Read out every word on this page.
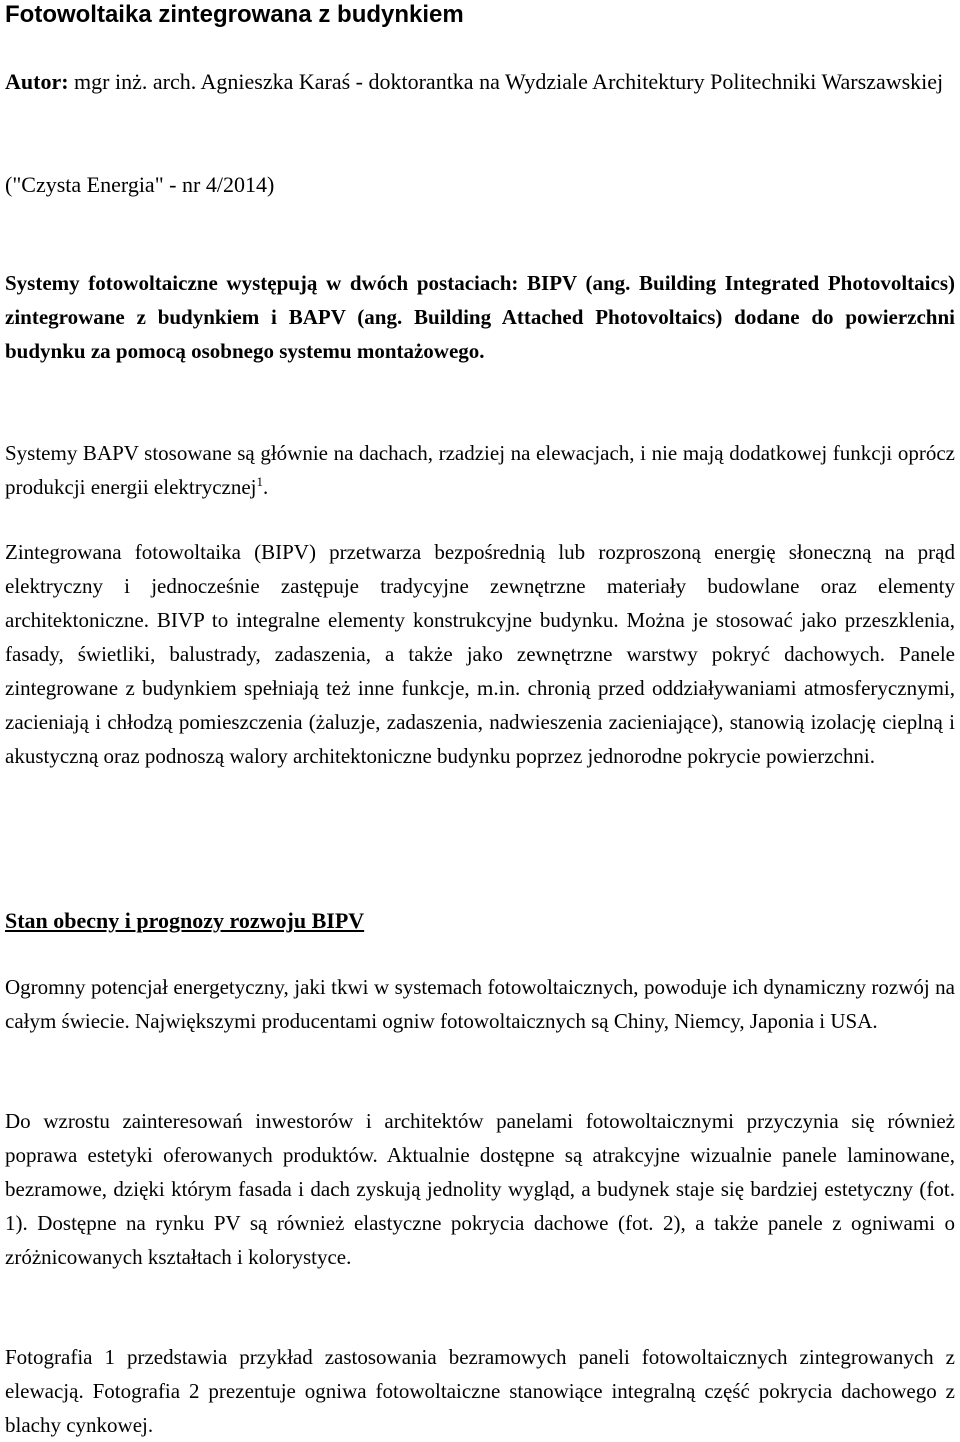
Fotowoltaika zintegrowana z budynkiem

Autor: mgr inż. arch. Agnieszka Karaś - doktorantka na Wydziale Architektury Politechniki Warszawskiej

("Czysta Energia" - nr 4/2014)

Systemy fotowoltaiczne występują w dwóch postaciach: BIPV (ang. Building Integrated Photovoltaics) zintegrowane z budynkiem i BAPV (ang. Building Attached Photovoltaics) dodane do powierzchni budynku za pomocą osobnego systemu montażowego.

Systemy BAPV stosowane są głównie na dachach, rzadziej na elewacjach, i nie mają dodatkowej funkcji oprócz produkcji energii elektrycznej$^1$.

Zintegrowana fotowoltaika (BIPV) przetwarza bezpośrednią lub rozproszoną energię słoneczną na prąd elektryczny i jednocześnie zastępuje tradycyjne zewnętrzne materiały budowlane oraz elementy architektoniczne. BIVP to integralne elementy konstrukcyjne budynku. Można je stosować jako przeszklenia, fasady, świetliki, balustrady, zadaszenia, a także jako zewnętrzne warstwy pokryć dachowych. Panele zintegrowane z budynkiem spełniają też inne funkcje, m.in. chronią przed oddziaływaniami atmosferycznymi, zacieniają i chłodzą pomieszczenia (żaluzje, zadaszenia, nadwieszenia zacieniające), stanowią izolację cieplną i akustyczną oraz podnoszą walory architektoniczne budynku poprzez jednorodne pokrycie powierzchni.

Stan obecny i prognozy rozwoju BIPV

Ogromny potencjał energetyczny, jaki tkwi w systemach fotowoltaicznych, powoduje ich dynamiczny rozwój na całym świecie. Największymi producentami ogniw fotowoltaicznych są Chiny, Niemcy, Japonia i USA.

Do wzrostu zainteresowań inwestorów i architektów panelami fotowoltaicznymi przyczynia się również poprawa estetyki oferowanych produktów. Aktualnie dostępne są atrakcyjne wizualnie panele laminowane, bezramowe, dzięki którym fasada i dach zyskują jednolity wygląd, a budynek staje się bardziej estetyczny (fot. 1). Dostępne na rynku PV są również elastyczne pokrycia dachowe (fot. 2), a także panele z ogniwami o zróżnicowanych kształtach i kolorystyce.

Fotografia 1 przedstawia przykład zastosowania bezramowych paneli fotowoltaicznych zintegrowanych z elewacją. Fotografia 2 prezentuje ogniwa fotowoltaiczne stanowiące integralną część pokrycia dachowego z blachy cynkowej.
